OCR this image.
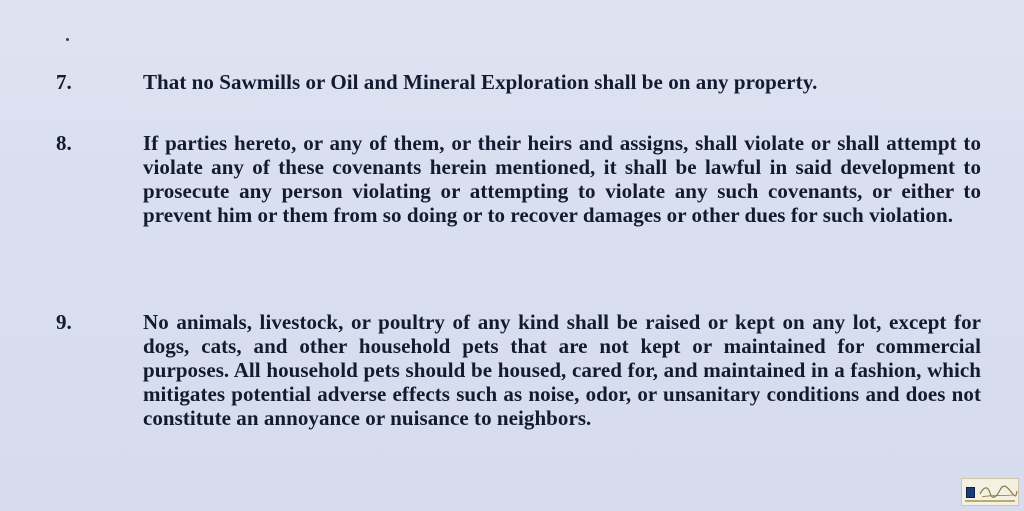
7.	That no Sawmills or Oil and Mineral Exploration shall be on any property.
8.	If parties hereto, or any of them, or their heirs and assigns, shall violate or shall attempt to violate any of these covenants herein mentioned, it shall be lawful in said development to prosecute any person violating or attempting to violate any such covenants, or either to prevent him or them from so doing or to recover damages or other dues for such violation.
9.	No animals, livestock, or poultry of any kind shall be raised or kept on any lot, except for dogs, cats, and other household pets that are not kept or maintained for commercial purposes. All household pets should be housed, cared for, and maintained in a fashion, which mitigates potential adverse effects such as noise, odor, or unsanitary conditions and does not constitute an annoyance or nuisance to neighbors.
